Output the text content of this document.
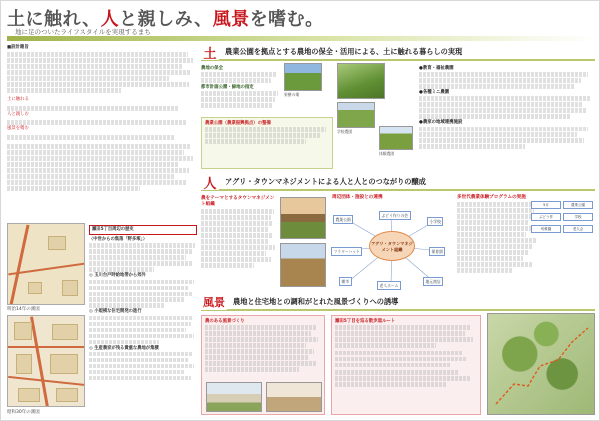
土に触れ、人と親しみ、風景を嗜む。
地に足のついたライフスタイルを実現するまち
■設計趣旨

土に触れる

人と親しむ

風景を嗜む

明治14年の測図
昭和30年の測図
瀬田5丁目周辺の歴史
〈中世からの集落「野多塚」〉
◎ 玉川台戸時給地帯から郊外
◎ 小規模な住宅開発の進行
◎ 生産農家が残る貴重な農地が集積
土	農業公園を拠点とする農地の保全・活用による、土に触れる暮らしの実現
農地の保全
都市計画公園・緑地の指定
果樹の畑
農業公園（農業振興拠点）の整備
学校農園
体験農園
●教育・福祉農園
●各種ミニ農園
●農家の地域連携施設
人	アグリ・タウンマネジメントによる人と人とのつながりの醸成
農をテーマとするタウンマネジメント組織
周辺団体・施設との連携
アグリ・タウンマネジメント組織
農業公園
ぶどう作りの会
小学校
フラワーハット	保育園
朝市
老人ホーム
地元商店
多世代農業体験プログラムの実施
5月	農業公園
ぶどう作	学校
幼稚園	老人会
風景 農地と住宅地との調和がとれた風景づくりへの誘導
農のある風景づくり	瀬田5丁目を巡る散歩道ルート
